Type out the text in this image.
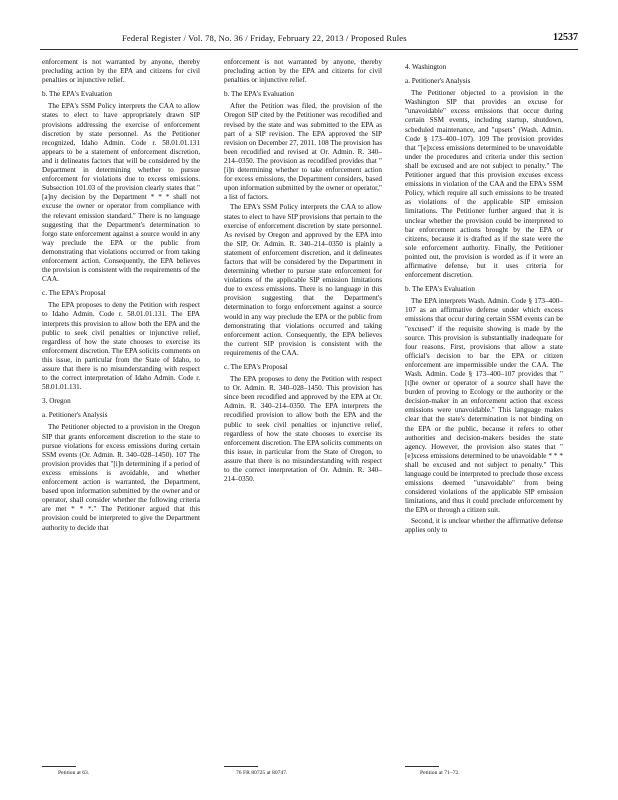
Federal Register / Vol. 78, No. 36 / Friday, February 22, 2013 / Proposed Rules	12537

enforcement is not warranted by anyone, thereby precluding action by the EPA and citizens for civil penalties or injunctive relief.

b. The EPA's Evaluation

The EPA's SSM Policy interprets the CAA to allow states to elect to have appropriately drawn SIP provisions addressing the exercise of enforcement discretion by state personnel. As the Petitioner recognized, Idaho Admin. Code r. 58.01.01.131 appears to be a statement of enforcement discretion, and it delineates factors that will be considered by the Department in determining whether to pursue enforcement for violations due to excess emissions. Subsection 101.03 of the provision clearly states that "[a]ny decision by the Department * * * shall not excuse the owner or operator from compliance with the relevant emission standard." There is no language suggesting that the Department's determination to forgo state enforcement against a source would in any way preclude the EPA or the public from demonstrating that violations occurred or from taking enforcement action. Consequently, the EPA believes the provision is consistent with the requirements of the CAA.

c. The EPA's Proposal

The EPA proposes to deny the Petition with respect to Idaho Admin. Code r. 58.01.01.131. The EPA interprets this provision to allow both the EPA and the public to seek civil penalties or injunctive relief, regardless of how the state chooses to exercise its enforcement discretion. The EPA solicits comments on this issue, in particular from the State of Idaho, to assure that there is no misunderstanding with respect to the correct interpretation of Idaho Admin. Code r. 58.01.01.131.

3. Oregon

a. Petitioner's Analysis

The Petitioner objected to a provision in the Oregon SIP that grants enforcement discretion to the state to pursue violations for excess emissions during certain SSM events (Or. Admin. R. 340–028–1450). 107 The provision provides that "[i]n determining if a period of excess emissions is avoidable, and whether enforcement action is warranted, the Department, based upon information submitted by the owner and or operator, shall consider whether the following criteria are met * * *." The Petitioner argued that this provision could be interpreted to give the Department authority to decide that

enforcement is not warranted by anyone, thereby precluding action by the EPA and citizens for civil penalties or injunctive relief.

b. The EPA's Evaluation

After the Petition was filed, the provision of the Oregon SIP cited by the Petitioner was recodified and revised by the state and was submitted to the EPA as part of a SIP revision. The EPA approved the SIP revision on December 27, 2011. 108 The provision has been recodified and revised at Or. Admin. R. 340–214–0350. The provision as recodified provides that "[i]n determining whether to take enforcement action for excess emissions, the Department considers, based upon information submitted by the owner or operator," a list of factors.

The EPA's SSM Policy interprets the CAA to allow states to elect to have SIP provisions that pertain to the exercise of enforcement discretion by state personnel. As revised by Oregon and approved by the EPA into the SIP, Or. Admin. R. 340–214–0350 is plainly a statement of enforcement discretion, and it delineates factors that will be considered by the Department in determining whether to pursue state enforcement for violations of the applicable SIP emission limitations due to excess emissions. There is no language in this provision suggesting that the Department's determination to forgo enforcement against a source would in any way preclude the EPA or the public from demonstrating that violations occurred and taking enforcement action. Consequently, the EPA believes the current SIP provision is consistent with the requirements of the CAA.

c. The EPA's Proposal

The EPA proposes to deny the Petition with respect to Or. Admin. R. 340–028–1450. This provision has since been recodified and approved by the EPA at Or. Admin. R. 340–214–0350. The EPA interprets the recodified provision to allow both the EPA and the public to seek civil penalties or injunctive relief, regardless of how the state chooses to exercise its enforcement discretion. The EPA solicits comments on this issue, in particular from the State of Oregon, to assure that there is no misunderstanding with respect to the correct interpretation of Or. Admin. R. 340–214–0350.

4. Washington

a. Petitioner's Analysis

The Petitioner objected to a provision in the Washington SIP that provides an excuse for "unavoidable" excess emissions that occur during certain SSM events, including startup, shutdown, scheduled maintenance, and "upsets" (Wash. Admin. Code § 173–400–107). 109 The provision provides that "[e]xcess emissions determined to be unavoidable under the procedures and criteria under this section shall be excused and are not subject to penalty." The Petitioner argued that this provision excuses excess emissions in violation of the CAA and the EPA's SSM Policy, which require all such emissions to be treated as violations of the applicable SIP emission limitations. The Petitioner further argued that it is unclear whether the provision could be interpreted to bar enforcement actions brought by the EPA or citizens, because it is drafted as if the state were the sole enforcement authority. Finally, the Petitioner pointed out, the provision is worded as if it were an affirmative defense, but it uses criteria for enforcement discretion.

b. The EPA's Evaluation

The EPA interprets Wash. Admin. Code § 173–400–107 as an affirmative defense under which excess emissions that occur during certain SSM events can be "excused" if the requisite showing is made by the source. This provision is substantially inadequate for four reasons. First, provisions that allow a state official's decision to bar the EPA or citizen enforcement are impermissible under the CAA. The Wash. Admin. Code § 173–400–107 provides that "[t]he owner or operator of a source shall have the burden of proving to Ecology or the authority or the decision-maker in an enforcement action that excess emissions were unavoidable." This language makes clear that the state's determination is not binding on the EPA or the public, because it refers to other authorities and decision-makers besides the state agency. However, the provision also states that "[e]xcess emissions determined to be unavoidable * * * shall be excused and not subject to penalty." This language could be interpreted to preclude those excess emissions deemed "unavoidable" from being considered violations of the applicable SIP emission limitations, and thus it could preclude enforcement by the EPA or through a citizen suit.

Second, it is unclear whether the affirmative defense applies only to

Petition at 63.	76 FR 80725 at 80747.	Petition at 71–72.
